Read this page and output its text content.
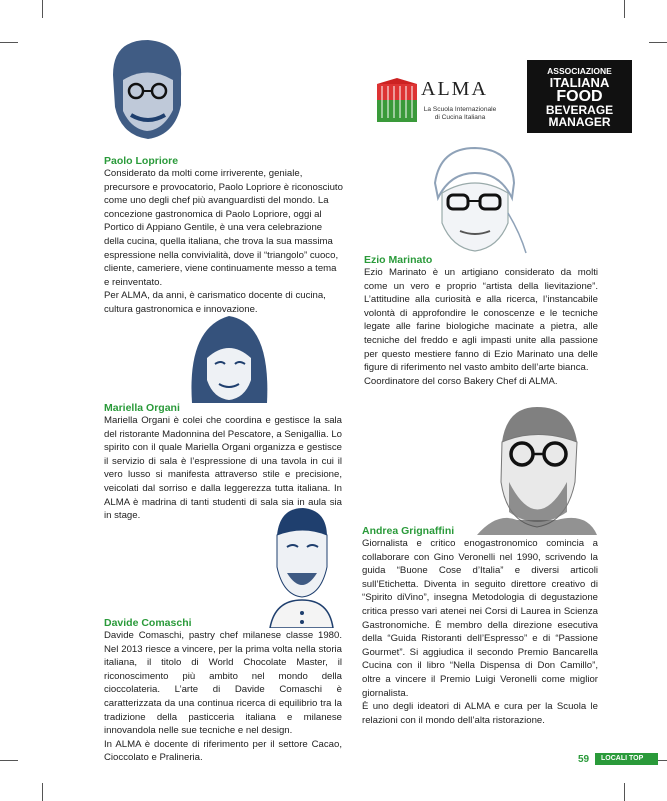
ALMA
La Scuola Internazionale
di Cucina Italiana
ASSOCIAZIONE
ITALIANA
FOOD
BEVERAGE
MANAGER
Paolo Lopriore

Considerato da molti come irriverente, geniale, precursore e provocatorio, Paolo Lopriore è riconosciuto come uno degli chef più avanguardisti del mondo. La concezione gastronomica di Paolo Lopriore, oggi al Portico di Appiano Gentile, è una vera celebrazione della cucina, quella italiana, che trova la sua massima espressione nella convivialità, dove il “triangolo” cuoco, cliente, cameriere, viene continuamente messo a tema e reinventato.

Per ALMA, da anni, è carismatico docente di cucina, cultura gastronomica e innovazione.

Ezio Marinato

Ezio Marinato è un artigiano considerato da molti come un vero e proprio “artista della lievitazione”. L’attitudine alla curiosità e alla ricerca, l’instancabile volontà di approfondire le conoscenze e le tecniche legate alle farine biologiche macinate a pietra, alle tecniche del freddo e agli impasti unite alla passione per questo mestiere fanno di Ezio Marinato una delle figure di riferimento nel vasto ambito dell’arte bianca.

Coordinatore del corso Bakery Chef di ALMA.

Mariella Organi

Mariella Organi è colei che coordina e gestisce la sala del ristorante Madonnina del Pescatore, a Senigallia. Lo spirito con il quale Mariella Organi organizza e gestisce il servizio di sala è l’espressione di una tavola in cui il vero lusso si manifesta attraverso stile e precisione, veicolati dal sorriso e dalla leggerezza tutta italiana. In ALMA è madrina di tanti studenti di sala sia in aula sia in stage.

Andrea Grignaffini

Giornalista e critico enogastronomico comincia a collaborare con Gino Veronelli nel 1990, scrivendo la guida “Buone Cose d’Italia” e diversi articoli sull’Etichetta. Diventa in seguito direttore creativo di “Spirito diVino”, insegna Metodologia di degustazione critica presso vari atenei nei Corsi di Laurea in Scienza Gastronomiche. È membro della direzione esecutiva della “Guida Ristoranti dell’Espresso” e di “Passione Gourmet”. Si aggiudica il secondo Premio Bancarella Cucina con il libro “Nella Dispensa di Don Camillo”, oltre a vincere il Premio Luigi Veronelli come miglior giornalista.

È uno degli ideatori di ALMA e cura per la Scuola le relazioni con il mondo dell’alta ristorazione.

Davide Comaschi

Davide Comaschi, pastry chef milanese classe 1980. Nel 2013 riesce a vincere, per la prima volta nella storia italiana, il titolo di World Chocolate Master, il riconoscimento più ambito nel mondo della cioccolateria. L’arte di Davide Comaschi è caratterizzata da una continua ricerca di equilibrio tra la tradizione della pasticceria italiana e milanese innovandola nelle sue tecniche e nel design.

In ALMA è docente di riferimento per il settore Cacao, Cioccolato e Pralineria.	59	LOCALI TOP
